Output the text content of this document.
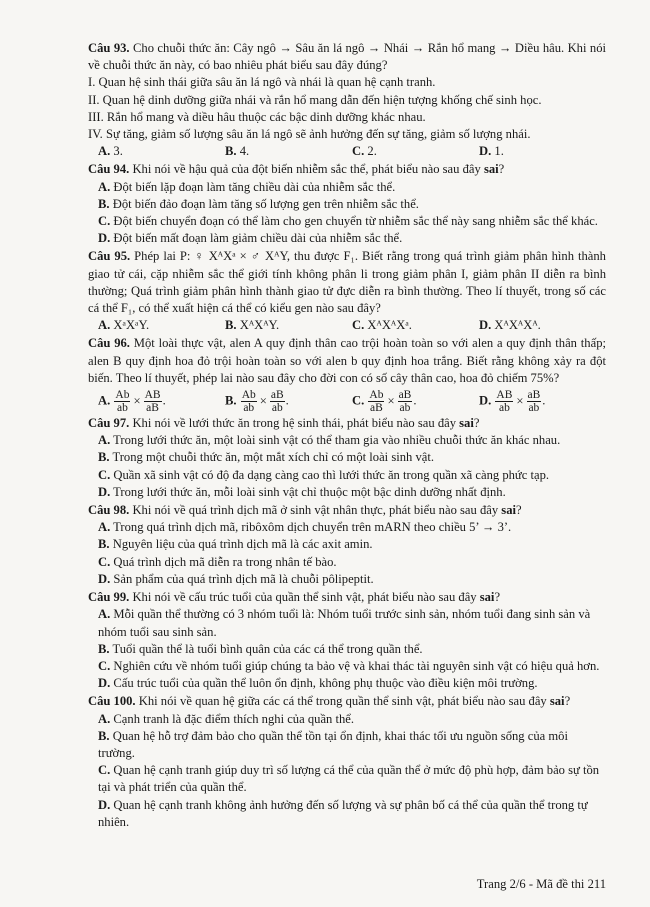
Câu 93. Cho chuỗi thức ăn: Cây ngô → Sâu ăn lá ngô → Nhái → Rắn hổ mang → Diều hâu. Khi nói về chuỗi thức ăn này, có bao nhiêu phát biểu sau đây đúng?
I. Quan hệ sinh thái giữa sâu ăn lá ngô và nhái là quan hệ cạnh tranh.
II. Quan hệ dinh dưỡng giữa nhái và rắn hổ mang dẫn đến hiện tượng khống chế sinh học.
III. Rắn hổ mang và diều hâu thuộc các bậc dinh dưỡng khác nhau.
IV. Sự tăng, giảm số lượng sâu ăn lá ngô sẽ ảnh hưởng đến sự tăng, giảm số lượng nhái.
A. 3.	B. 4.	C. 2.	D. 1.
Câu 94. Khi nói về hậu quả của đột biến nhiễm sắc thể, phát biểu nào sau đây sai?
A. Đột biến lặp đoạn làm tăng chiều dài của nhiễm sắc thể.
B. Đột biến đảo đoạn làm tăng số lượng gen trên nhiễm sắc thể.
C. Đột biến chuyển đoạn có thể làm cho gen chuyển từ nhiễm sắc thể này sang nhiễm sắc thể khác.
D. Đột biến mất đoạn làm giảm chiều dài của nhiễm sắc thể.
Câu 95. Phép lai P: ♀ XᴬXᵃ × ♂ XᴬY, thu được F₁. Biết rằng trong quá trình giảm phân hình thành giao tử cái, cặp nhiễm sắc thể giới tính không phân li trong giảm phân I, giảm phân II diễn ra bình thường; Quá trình giảm phân hình thành giao tử đực diễn ra bình thường. Theo lí thuyết, trong số các cá thể F₁, có thể xuất hiện cá thể có kiểu gen nào sau đây?
A. XᵃXᵃY.	B. XᴬXᴬY.	C. XᴬXᴬXᵃ.	D. XᴬXᴬXᴬ.
Câu 96. Một loài thực vật, alen A quy định thân cao trội hoàn toàn so với alen a quy định thân thấp; alen B quy định hoa đỏ trội hoàn toàn so với alen b quy định hoa trắng. Biết rằng không xảy ra đột biến. Theo lí thuyết, phép lai nào sau đây cho đời con có số cây thân cao, hoa đỏ chiếm 75%?
A. $\frac{Ab}{ab} \times \frac{AB}{aB}$ .	B. $\frac{Ab}{ab} \times \frac{aB}{ab}$ .	C. $\frac{Ab}{aB} \times \frac{aB}{ab}$ .	D. $\frac{AB}{ab} \times \frac{aB}{ab}$ .
Câu 97. Khi nói về lưới thức ăn trong hệ sinh thái, phát biểu nào sau đây sai?
A. Trong lưới thức ăn, một loài sinh vật có thể tham gia vào nhiều chuỗi thức ăn khác nhau.
B. Trong một chuỗi thức ăn, một mắt xích chỉ có một loài sinh vật.
C. Quần xã sinh vật có độ đa dạng càng cao thì lưới thức ăn trong quần xã càng phức tạp.
D. Trong lưới thức ăn, mỗi loài sinh vật chỉ thuộc một bậc dinh dưỡng nhất định.
Câu 98. Khi nói về quá trình dịch mã ở sinh vật nhân thực, phát biểu nào sau đây sai?
A. Trong quá trình dịch mã, ribôxôm dịch chuyển trên mARN theo chiều 5’ → 3’.
B. Nguyên liệu của quá trình dịch mã là các axit amin.
C. Quá trình dịch mã diễn ra trong nhân tế bào.
D. Sản phẩm của quá trình dịch mã là chuỗi pôlipeptit.
Câu 99. Khi nói về cấu trúc tuổi của quần thể sinh vật, phát biểu nào sau đây sai?
A. Mỗi quần thể thường có 3 nhóm tuổi là: Nhóm tuổi trước sinh sản, nhóm tuổi đang sinh sản và nhóm tuổi sau sinh sản.
B. Tuổi quần thể là tuổi bình quân của các cá thể trong quần thể.
C. Nghiên cứu về nhóm tuổi giúp chúng ta bảo vệ và khai thác tài nguyên sinh vật có hiệu quả hơn.
D. Cấu trúc tuổi của quần thể luôn ổn định, không phụ thuộc vào điều kiện môi trường.
Câu 100. Khi nói về quan hệ giữa các cá thể trong quần thể sinh vật, phát biểu nào sau đây sai?
A. Cạnh tranh là đặc điểm thích nghi của quần thể.
B. Quan hệ hỗ trợ đảm bảo cho quần thể tồn tại ổn định, khai thác tối ưu nguồn sống của môi trường.
C. Quan hệ cạnh tranh giúp duy trì số lượng cá thể của quần thể ở mức độ phù hợp, đảm bảo sự tồn tại và phát triển của quần thể.
D. Quan hệ cạnh tranh không ảnh hưởng đến số lượng và sự phân bố cá thể của quần thể trong tự nhiên.
Trang 2/6 - Mã đề thi 211
